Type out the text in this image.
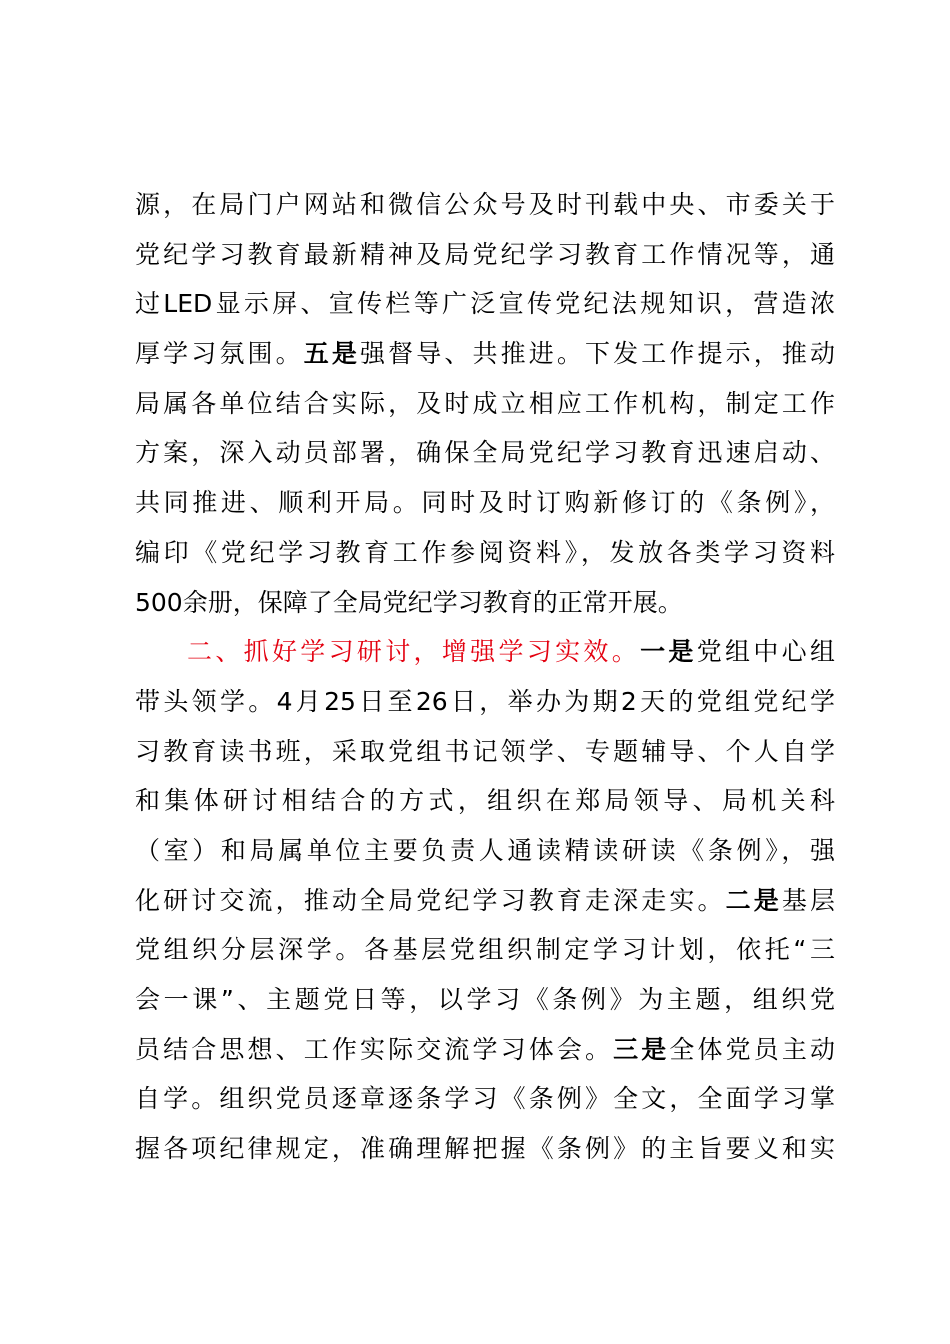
源，在局门户网站和微信公众号及时刊载中央、市委关于
党纪学习教育最新精神及局党纪学习教育工作情况等，通
过LED显示屏、宣传栏等广泛宣传党纪法规知识，营造浓
厚学习氛围。五是强督导、共推进。下发工作提示，推动
局属各单位结合实际，及时成立相应工作机构，制定工作
方案，深入动员部署，确保全局党纪学习教育迅速启动、
共同推进、顺利开局。同时及时订购新修订的《条例》，
编印《党纪学习教育工作参阅资料》，发放各类学习资料
500余册，保障了全局党纪学习教育的正常开展。
二、抓好学习研讨，增强学习实效。一是党组中心组
带头领学。4月25日至26日，举办为期2天的党组党纪学
习教育读书班，采取党组书记领学、专题辅导、个人自学
和集体研讨相结合的方式，组织在郑局领导、局机关科
（室）和局属单位主要负责人通读精读研读《条例》，强
化研讨交流，推动全局党纪学习教育走深走实。二是基层
党组织分层深学。各基层党组织制定学习计划，依托“三
会一课”、主题党日等，以学习《条例》为主题，组织党
员结合思想、工作实际交流学习体会。三是全体党员主动
自学。组织党员逐章逐条学习《条例》全文，全面学习掌
握各项纪律规定，准确理解把握《条例》的主旨要义和实
